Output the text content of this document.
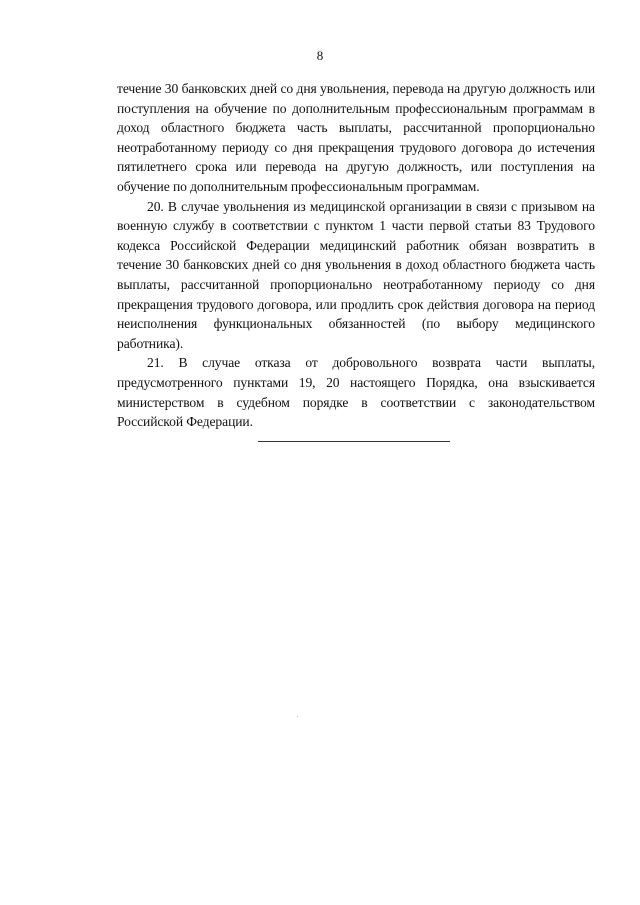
8

течение 30 банковских дней со дня увольнения, перевода на другую должность или поступления на обучение по дополнительным профессиональным программам в доход областного бюджета часть выплаты, рассчитанной пропорционально неотработанному периоду со дня прекращения трудового договора до истечения пятилетнего срока или перевода на другую должность, или поступления на обучение по дополнительным профессиональным программам.

20. В случае увольнения из медицинской организации в связи с призывом на военную службу в соответствии с пунктом 1 части первой статьи 83 Трудового кодекса Российской Федерации медицинский работник обязан возвратить в течение 30 банковских дней со дня увольнения в доход областного бюджета часть выплаты, рассчитанной пропорционально неотработанному периоду со дня прекращения трудового договора, или продлить срок действия договора на период неисполнения функциональных обязанностей (по выбору медицинского работника).

21. В случае отказа от добровольного возврата части выплаты, предусмотренного пунктами 19, 20 настоящего Порядка, она взыскивается министерством в судебном порядке в соответствии с законодательством Российской Федерации.
